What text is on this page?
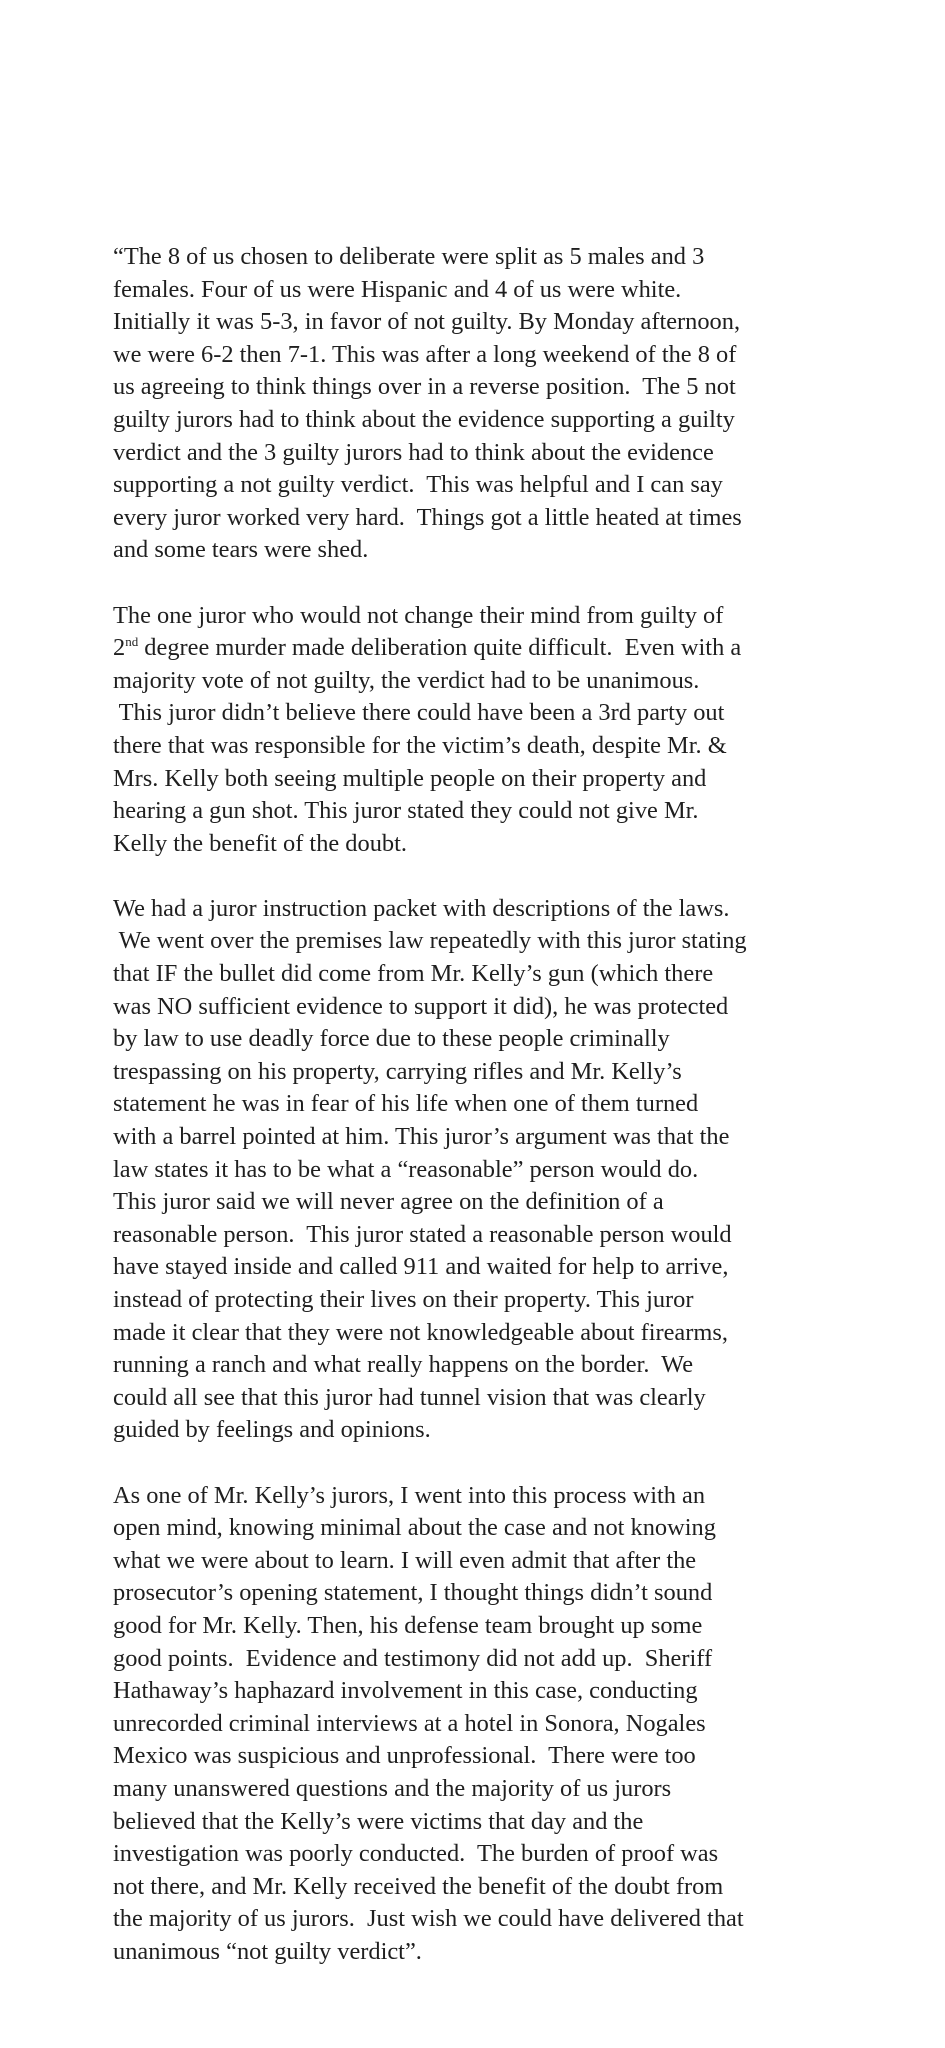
“The 8 of us chosen to deliberate were split as 5 males and 3
females. Four of us were Hispanic and 4 of us were white.
Initially it was 5-3, in favor of not guilty. By Monday afternoon,
we were 6-2 then 7-1. This was after a long weekend of the 8 of
us agreeing to think things over in a reverse position.  The 5 not
guilty jurors had to think about the evidence supporting a guilty
verdict and the 3 guilty jurors had to think about the evidence
supporting a not guilty verdict.  This was helpful and I can say
every juror worked very hard.  Things got a little heated at times
and some tears were shed.
The one juror who would not change their mind from guilty of
2nd degree murder made deliberation quite difficult.  Even with a
majority vote of not guilty, the verdict had to be unanimous.
This juror didn’t believe there could have been a 3rd party out
there that was responsible for the victim’s death, despite Mr. &
Mrs. Kelly both seeing multiple people on their property and
hearing a gun shot. This juror stated they could not give Mr.
Kelly the benefit of the doubt.
We had a juror instruction packet with descriptions of the laws.
We went over the premises law repeatedly with this juror stating
that IF the bullet did come from Mr. Kelly’s gun (which there
was NO sufficient evidence to support it did), he was protected
by law to use deadly force due to these people criminally
trespassing on his property, carrying rifles and Mr. Kelly’s
statement he was in fear of his life when one of them turned
with a barrel pointed at him. This juror’s argument was that the
law states it has to be what a “reasonable” person would do.
This juror said we will never agree on the definition of a
reasonable person.  This juror stated a reasonable person would
have stayed inside and called 911 and waited for help to arrive,
instead of protecting their lives on their property. This juror
made it clear that they were not knowledgeable about firearms,
running a ranch and what really happens on the border.  We
could all see that this juror had tunnel vision that was clearly
guided by feelings and opinions.
As one of Mr. Kelly’s jurors, I went into this process with an
open mind, knowing minimal about the case and not knowing
what we were about to learn. I will even admit that after the
prosecutor’s opening statement, I thought things didn’t sound
good for Mr. Kelly. Then, his defense team brought up some
good points.  Evidence and testimony did not add up.  Sheriff
Hathaway’s haphazard involvement in this case, conducting
unrecorded criminal interviews at a hotel in Sonora, Nogales
Mexico was suspicious and unprofessional.  There were too
many unanswered questions and the majority of us jurors
believed that the Kelly’s were victims that day and the
investigation was poorly conducted.  The burden of proof was
not there, and Mr. Kelly received the benefit of the doubt from
the majority of us jurors.  Just wish we could have delivered that
unanimous “not guilty verdict”.
